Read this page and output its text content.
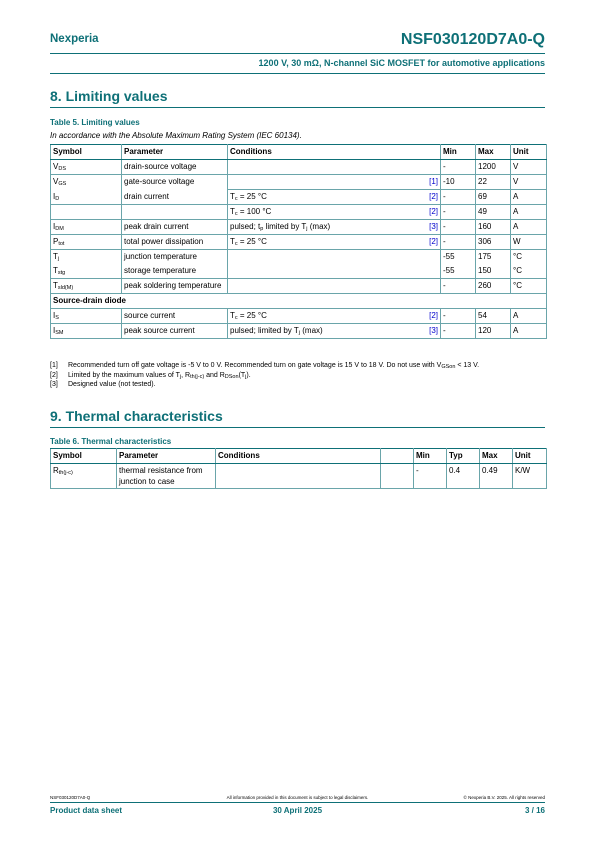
Nexperia	NSF030120D7A0-Q
1200 V, 30 mΩ, N-channel SiC MOSFET for automotive applications
8. Limiting values
Table 5. Limiting values
In accordance with the Absolute Maximum Rating System (IEC 60134).
Symbol	Parameter	Conditions		Min	Max	Unit
$V_{DS}$	drain-source voltage			-	1200	V
$V_{GS}$	gate-source voltage		[1]	-10	22	V
$I_D$	drain current	$T_c = 25$ °C	[2]	-	69	A
		$T_c = 100$ °C	[2]	-	49	A
$I_{DM}$	peak drain current	pulsed; $t_p$ limited by $T_j$ (max)	[3]	-	160	A
$P_{tot}$	total power dissipation	$T_c = 25$ °C	[2]	-	306	W
$T_j$	junction temperature			-55	175	°C
$T_{stg}$	storage temperature			-55	150	°C
$T_{sld(M)}$	peak soldering temperature			-	260	°C
Source-drain diode						
$I_S$	source current	$T_c = 25$ °C	[2]	-	54	A
$I_{SM}$	peak source current	pulsed; limited by $T_j$ (max)	[3]	-	120	A
[1]	Recommended turn off gate voltage is -5 V to 0 V. Recommended turn on gate voltage is 15 V to 18 V. Do not use with $V_{GSon} < 13$ V.
[2]	Limited by the maximum values of $T_j$, $R_{th(j-c)}$ and $R_{DSon}(T_j)$.
[3]	Designed value (not tested).
9. Thermal characteristics
Table 6. Thermal characteristics
Symbol	Parameter	Conditions		Min	Typ	Max	Unit
$R_{th(j-c)}$	thermal resistance from junction to case			-	0.4	0.49	K/W
NSF030120D7A0-Q	All information provided in this document is subject to legal disclaimers.	© Nexperia B.V. 2025. All rights reserved
Product data sheet	30 April 2025	3 / 16
